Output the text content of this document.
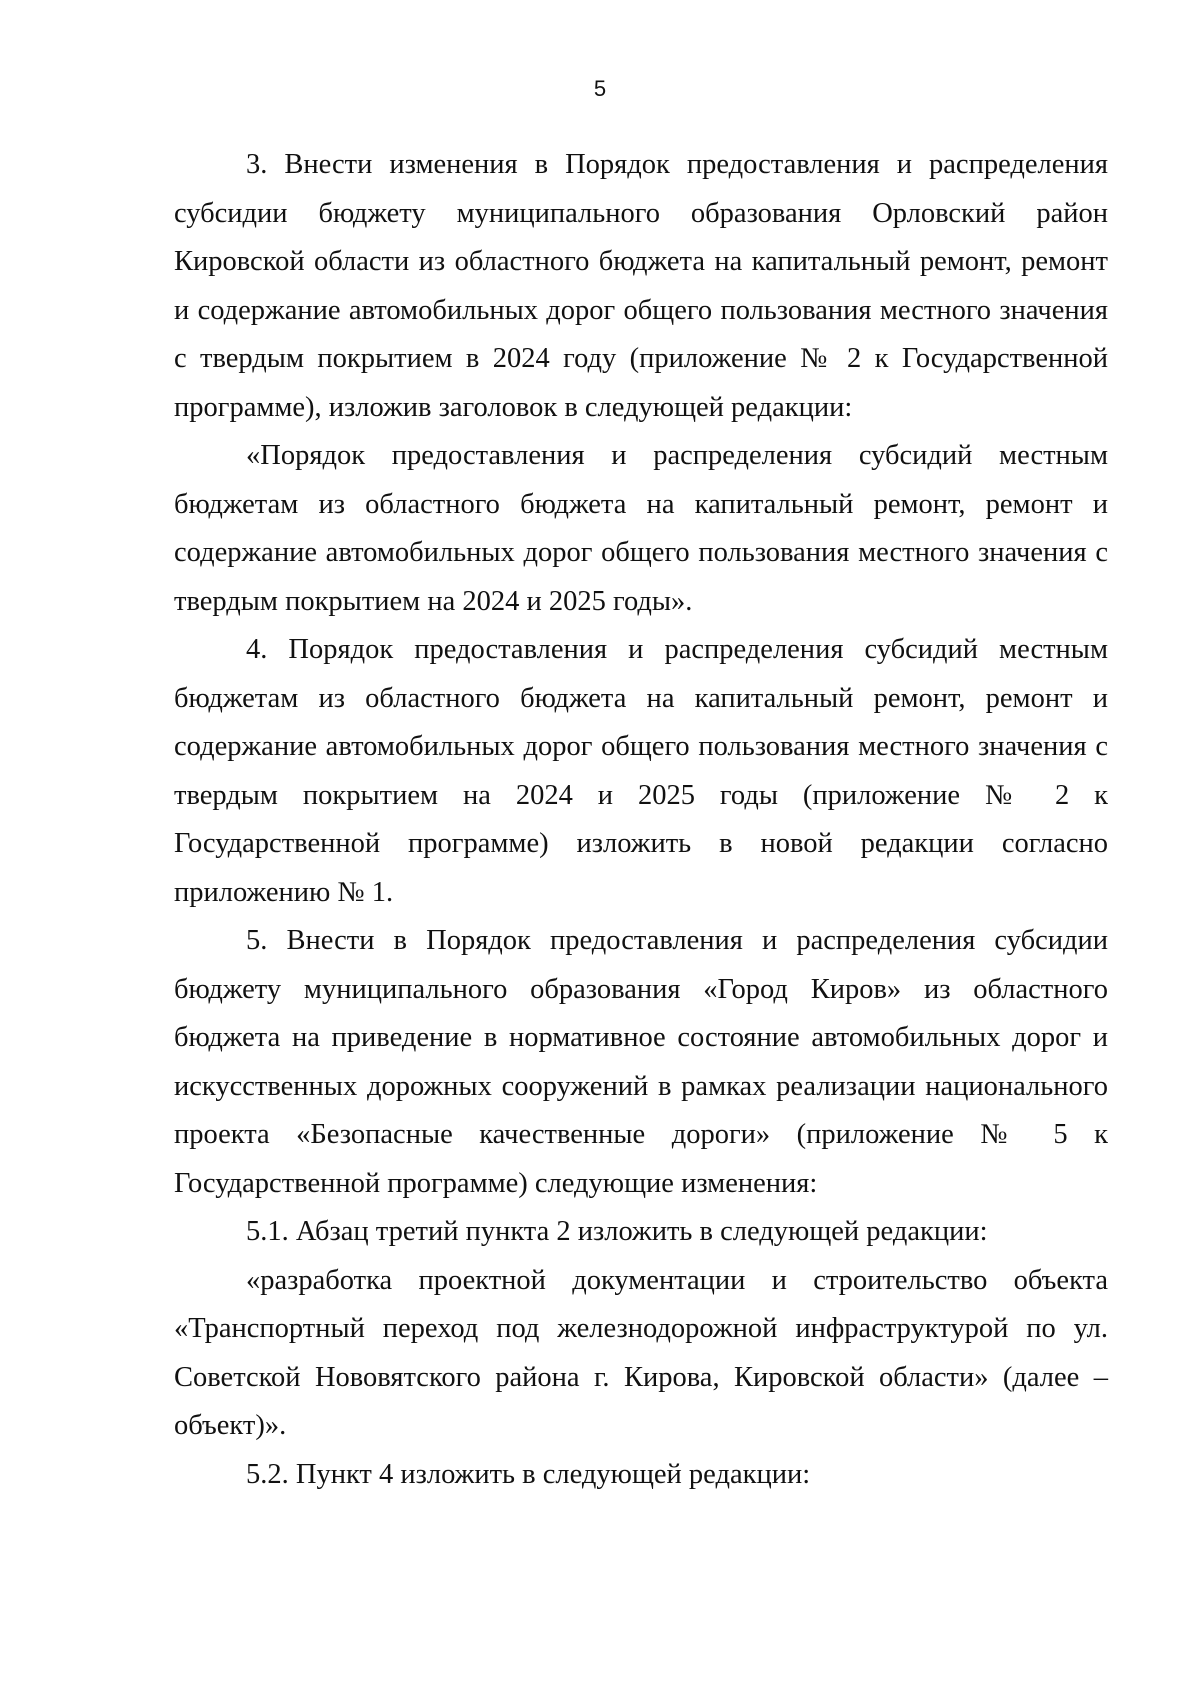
5

3. Внести изменения в Порядок предоставления и распределения субсидии бюджету муниципального образования Орловский район Кировской области из областного бюджета на капитальный ремонт, ремонт и содержание автомобильных дорог общего пользования местного значения с твердым покрытием в 2024 году (приложение № 2 к Государственной программе), изложив заголовок в следующей редакции:

«Порядок предоставления и распределения субсидий местным бюджетам из областного бюджета на капитальный ремонт, ремонт и содержание автомобильных дорог общего пользования местного значения с твердым покрытием на 2024 и 2025 годы».

4. Порядок предоставления и распределения субсидий местным бюджетам из областного бюджета на капитальный ремонт, ремонт и содержание автомобильных дорог общего пользования местного значения с твердым покрытием на 2024 и 2025 годы (приложение № 2 к Государственной программе) изложить в новой редакции согласно приложению № 1.

5. Внести в Порядок предоставления и распределения субсидии бюджету муниципального образования «Город Киров» из областного бюджета на приведение в нормативное состояние автомобильных дорог и искусственных дорожных сооружений в рамках реализации национального проекта «Безопасные качественные дороги» (приложение № 5 к Государственной программе) следующие изменения:

5.1. Абзац третий пункта 2 изложить в следующей редакции:

«разработка проектной документации и строительство объекта «Транспортный переход под железнодорожной инфраструктурой по ул. Советской Нововятского района г. Кирова, Кировской области» (далее – объект)».

5.2. Пункт 4 изложить в следующей редакции:
